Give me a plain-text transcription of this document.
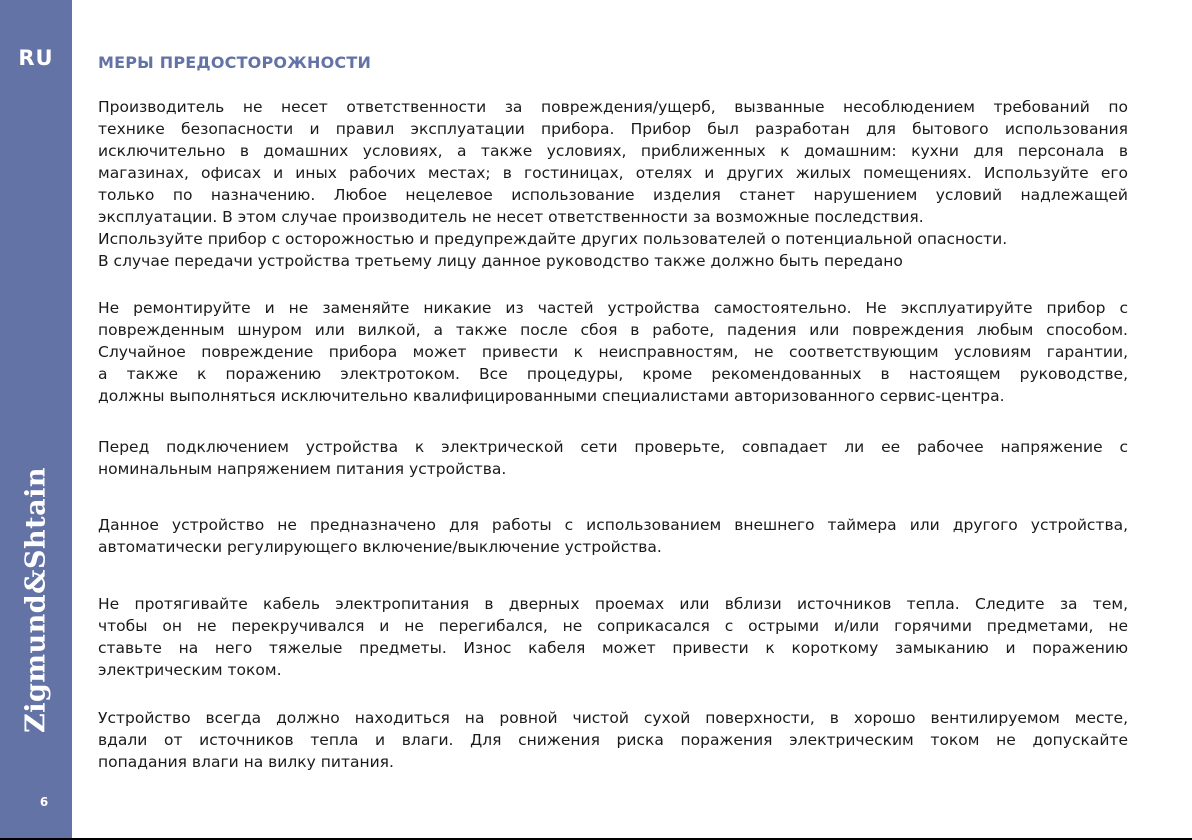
RU
Zigmund&Shtain
6
МЕРЫ ПРЕДОСТОРОЖНОСТИ

Производитель не несет ответственности за повреждения/ущерб, вызванные несоблюдением требований по
технике безопасности и правил эксплуатации прибора. Прибор был разработан для бытового использования
исключительно в домашних условиях, а также условиях, приближенных к домашним: кухни для персонала в
магазинах, офисах и иных рабочих местах; в гостиницах, отелях и других жилых помещениях. Используйте его
только по назначению. Любое нецелевое использование изделия станет нарушением условий надлежащей
эксплуатации. В этом случае производитель не несет ответственности за возможные последствия.
Используйте прибор с осторожностью и предупреждайте других пользователей о потенциальной опасности.
В случае передачи устройства третьему лицу данное руководство также должно быть передано

Не ремонтируйте и не заменяйте никакие из частей устройства самостоятельно. Не эксплуатируйте прибор с
поврежденным шнуром или вилкой, а также после сбоя в работе, падения или повреждения любым способом.
Случайное повреждение прибора может привести к неисправностям, не соответствующим условиям гарантии,
а также к поражению электротоком. Все процедуры, кроме рекомендованных в настоящем руководстве,
должны выполняться исключительно квалифицированными специалистами авторизованного сервис-центра.

Перед подключением устройства к электрической сети проверьте, совпадает ли ее рабочее напряжение с
номинальным напряжением питания устройства.

Данное устройство не предназначено для работы с использованием внешнего таймера или другого устройства,
автоматически регулирующего включение/выключение устройства.

Не протягивайте кабель электропитания в дверных проемах или вблизи источников тепла. Следите за тем,
чтобы он не перекручивался и не перегибался, не соприкасался с острыми и/или горячими предметами, не
ставьте на него тяжелые предметы. Износ кабеля может привести к короткому замыканию и поражению
электрическим током.

Устройство всегда должно находиться на ровной чистой сухой поверхности, в хорошо вентилируемом месте,
вдали от источников тепла и влаги. Для снижения риска поражения электрическим током не допускайте
попадания влаги на вилку питания.
